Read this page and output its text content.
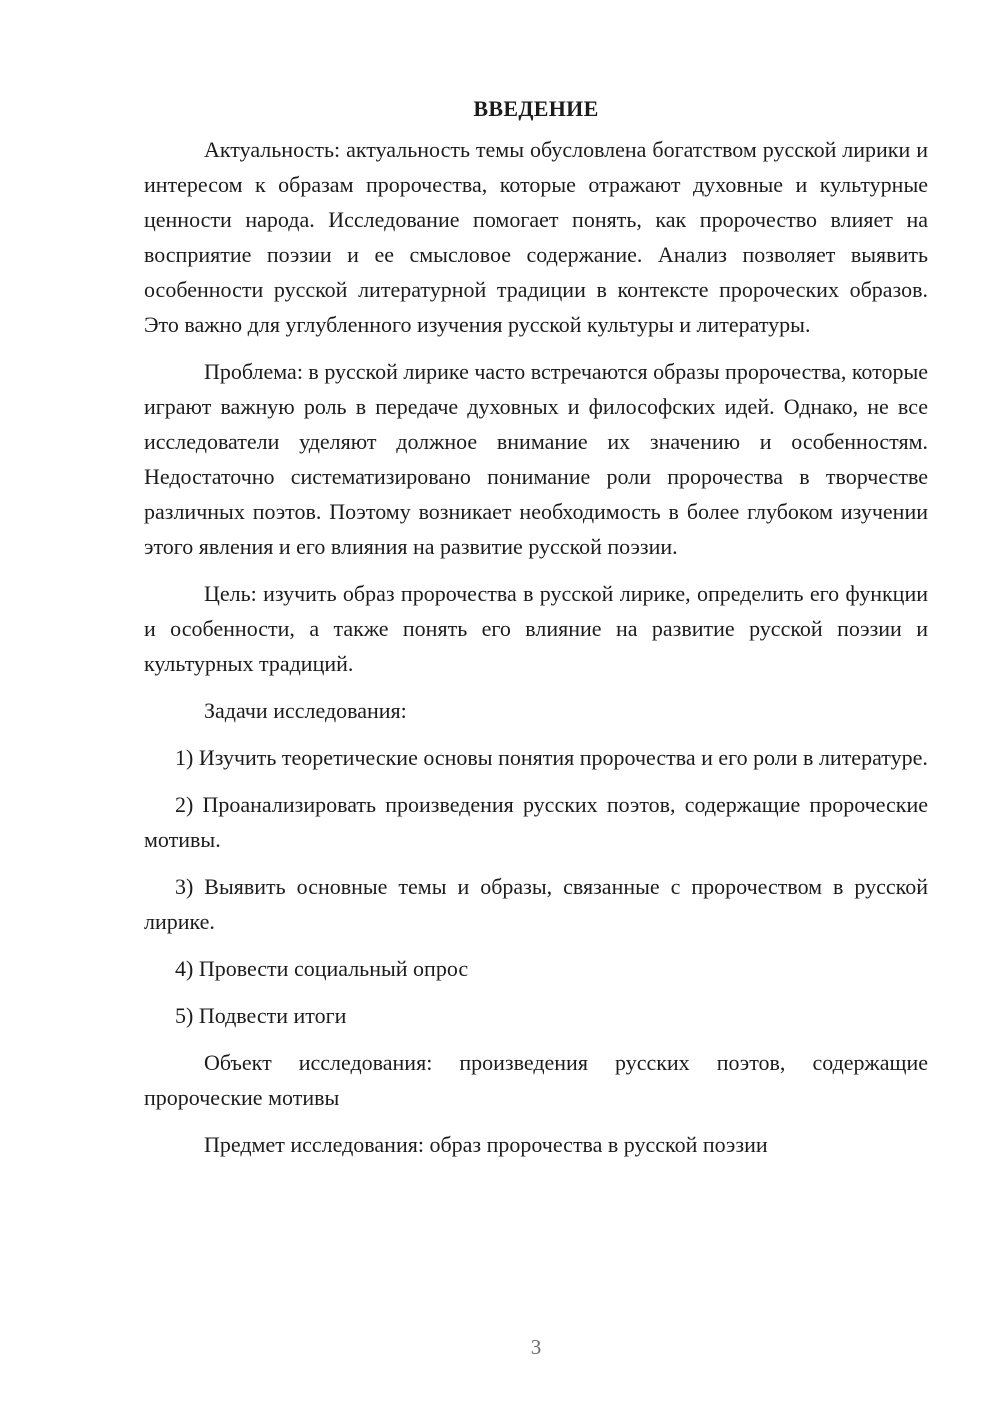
ВВЕДЕНИЕ

Актуальность: актуальность темы обусловлена богатством русской лирики и интересом к образам пророчества, которые отражают духовные и культурные ценности народа. Исследование помогает понять, как пророчество влияет на восприятие поэзии и ее смысловое содержание. Анализ позволяет выявить особенности русской литературной традиции в контексте пророческих образов. Это важно для углубленного изучения русской культуры и литературы.

Проблема: в русской лирике часто встречаются образы пророчества, которые играют важную роль в передаче духовных и философских идей. Однако, не все исследователи уделяют должное внимание их значению и особенностям. Недостаточно систематизировано понимание роли пророчества в творчестве различных поэтов. Поэтому возникает необходимость в более глубоком изучении этого явления и его влияния на развитие русской поэзии.

Цель: изучить образ пророчества в русской лирике, определить его функции и особенности, а также понять его влияние на развитие русской поэзии и культурных традиций.

Задачи исследования:

1) Изучить теоретические основы понятия пророчества и его роли в литературе.

2) Проанализировать произведения русских поэтов, содержащие пророческие мотивы.

3) Выявить основные темы и образы, связанные с пророчеством в русской лирике.

4) Провести социальный опрос

5) Подвести итоги

Объект исследования: произведения русских поэтов, содержащие пророческие мотивы

Предмет исследования: образ пророчества в русской поэзии

3
